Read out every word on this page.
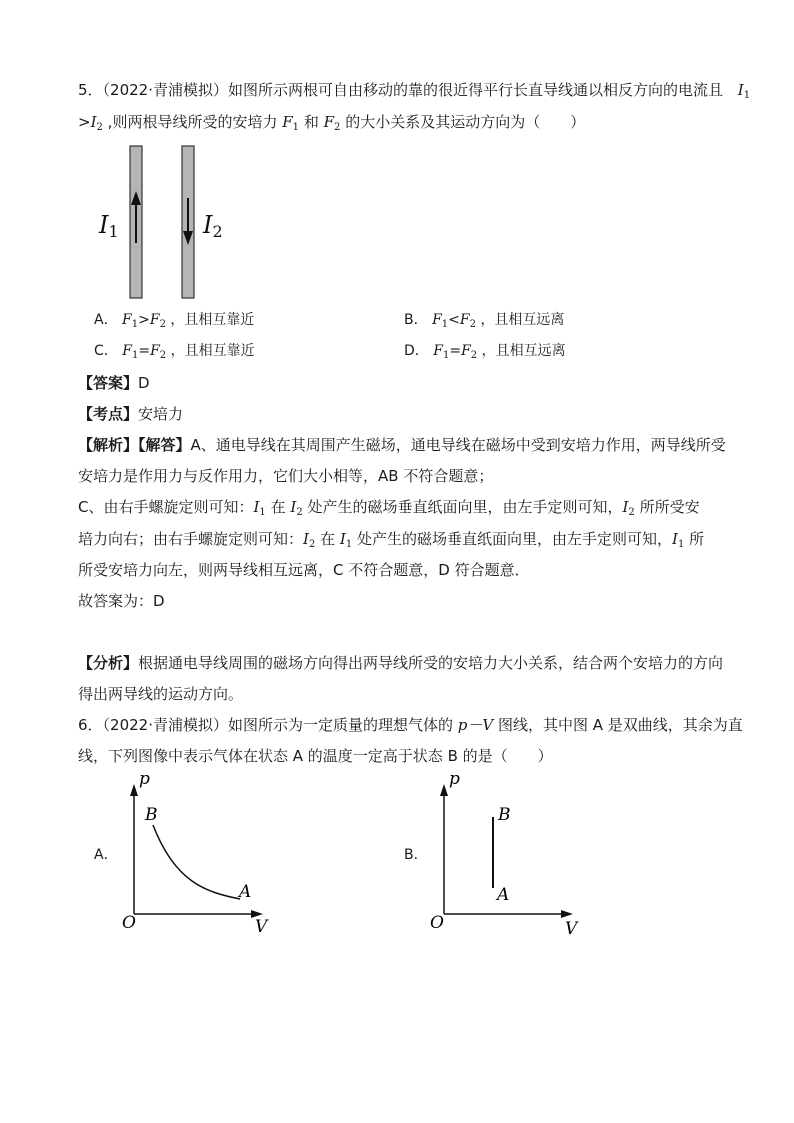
5．（2022·青浦模拟）如图所示两根可自由移动的靠的很近得平行长直导线通以相反方向的电流且 $I_1$
$>I_2$ ,则两根导线所受的安培力 $F_1$ 和 $F_2$ 的大小关系及其运动方向为（　　）
I1	I2
A． $F_1>F_2$ ，且相互靠近	B． $F_1<F_2$ ，且相互远离
C． $F_1=F_2$ ，且相互靠近	D． $F_1=F_2$ ，且相互远离
【答案】D
【考点】安培力
【解析】【解答】A、通电导线在其周围产生磁场，通电导线在磁场中受到安培力作用，两导线所受
安培力是作用力与反作用力，它们大小相等，AB 不符合题意；
C、由右手螺旋定则可知：$I_1$ 在 $I_2$ 处产生的磁场垂直纸面向里，由左手定则可知，$I_2$ 所所受安
培力向右；由右手螺旋定则可知：$I_2$ 在 $I_1$ 处产生的磁场垂直纸面向里，由左手定则可知，$I_1$ 所
所受安培力向左，则两导线相互远离，C 不符合题意，D 符合题意．
故答案为：D
【分析】根据通电导线周围的磁场方向得出两导线所受的安培力大小关系，结合两个安培力的方向
得出两导线的运动方向。
6．（2022·青浦模拟）如图所示为一定质量的理想气体的 p－V 图线，其中图 A 是双曲线，其余为直
线，下列图像中表示气体在状态 A 的温度一定高于状态 B 的是（　　）
A．
p
B
A
O	V
B．
p
B
A
O	V
